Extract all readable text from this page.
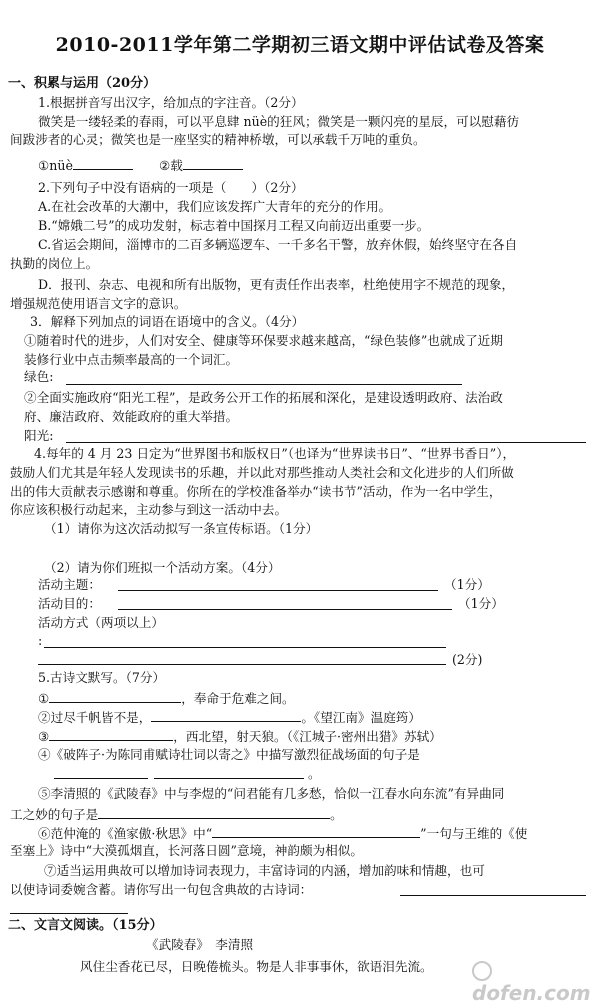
2010-2011学年第二学期初三语文期中评估试卷及答案
一、积累与运用（20分）
1.根据拼音写出汉字，给加点的字注音。（2分）
微笑是一缕轻柔的春雨，可以平息肆 nüè的狂风；微笑是一颗闪亮的星辰，可以慰藉彷
间跋涉者的心灵；微笑也是一座坚实的精神桥墩，可以承载千万吨的重负。
①nüè	②载
2.下列句子中没有语病的一项是（　　）（2分）
A.在社会改革的大潮中，我们应该发挥广大青年的充分的作用。
B.“嫦娥二号”的成功发射，标志着中国探月工程又向前迈出重要一步。
C.省运会期间，淄博市的二百多辆巡逻车、一千多名干警，放弃休假，始终坚守在各自
执勤的岗位上。
D．报刊、杂志、电视和所有出版物，更有责任作出表率，杜绝使用字不规范的现象，
增强规范使用语言文字的意识。
3．解释下列加点的词语在语境中的含义。（4分）
①随着时代的进步，人们对安全、健康等环保要求越来越高，“绿色装修”也就成了近期
装修行业中点击频率最高的一个词汇。
绿色:
②全面实施政府“阳光工程”，是政务公开工作的拓展和深化，是建设透明政府、法治政
府、廉洁政府、效能政府的重大举措。
阳光:
4.每年的 4 月 23 日定为“世界图书和版权日”（也译为“世界读书日”、“世界书香日”），
鼓励人们尤其是年轻人发现读书的乐趣，并以此对那些推动人类社会和文化进步的人们所做
出的伟大贡献表示感谢和尊重。你所在的学校准备举办“读书节”活动，作为一名中学生，
你应该积极行动起来，主动参与到这一活动中去。
（1）请你为这次活动拟写一条宣传标语。（1分）
（2）请为你们班拟一个活动方案。（4分）
活动主题：	（1分）
活动目的：	（1分）
活动方式（两项以上）
:
(2分)
5.古诗文默写。（7分）
①	，奉命于危难之间。
②过尽千帆皆不是，	。《望江南》温庭筠）
③	，西北望，射天狼。（《江城子·密州出猎》苏轼）
④《破阵子·为陈同甫赋诗壮词以寄之》中描写激烈征战场面的句子是
。
⑤李清照的《武陵春》中与李煜的“问君能有几多愁，恰似一江春水向东流”有异曲同
工之妙的句子是	。
⑥范仲淹的《渔家傲·秋思》中“	”一句与王维的《使
至塞上》诗中“大漠孤烟直，长河落日圆”意境，神韵颇为相似。
⑦适当运用典故可以增加诗词表现力，丰富诗词的内涵，增加韵味和情趣，也可
以使诗词委婉含蓄。请你写出一句包含典故的古诗词：
二、文言文阅读。（15分）
《武陵春》　李清照
风住尘香花已尽，日晚倦梳头。物是人非事事休，欲语泪先流。
dofen.com
